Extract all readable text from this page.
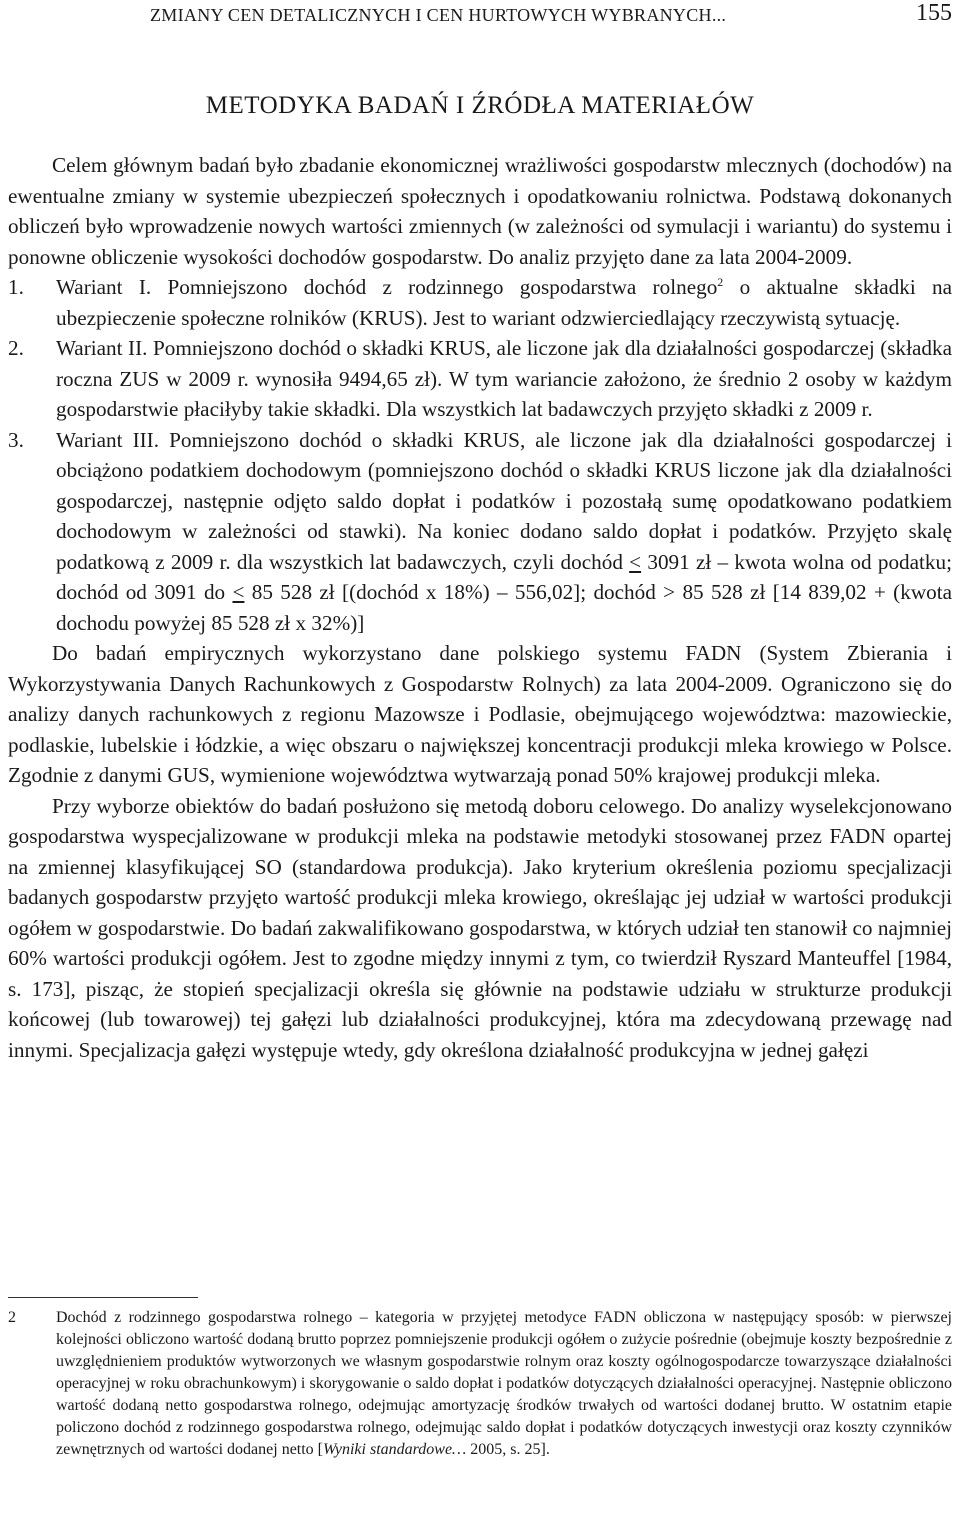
ZMIANY CEN DETALICZNYCH I CEN HURTOWYCH WYBRANYCH...	155
METODYKA BADAŃ I ŹRÓDŁA MATERIAŁÓW

Celem głównym badań było zbadanie ekonomicznej wrażliwości gospodarstw mlecznych (dochodów) na ewentualne zmiany w systemie ubezpieczeń społecznych i opodatkowaniu rolnictwa. Podstawą dokonanych obliczeń było wprowadzenie nowych wartości zmiennych (w zależności od symulacji i wariantu) do systemu i ponowne obliczenie wysokości dochodów gospodarstw. Do analiz przyjęto dane za lata 2004-2009.

1. Wariant I. Pomniejszono dochód z rodzinnego gospodarstwa rolnego$^2$ o aktualne składki na ubezpieczenie społeczne rolników (KRUS). Jest to wariant odzwierciedlający rzeczywistą sytuację.
2. Wariant II. Pomniejszono dochód o składki KRUS, ale liczone jak dla działalności gospodarczej (składka roczna ZUS w 2009 r. wynosiła 9494,65 zł). W tym wariancie założono, że średnio 2 osoby w każdym gospodarstwie płaciłyby takie składki. Dla wszystkich lat badawczych przyjęto składki z 2009 r.
3. Wariant III. Pomniejszono dochód o składki KRUS, ale liczone jak dla działalności gospodarczej i obciążono podatkiem dochodowym (pomniejszono dochód o składki KRUS liczone jak dla działalności gospodarczej, następnie odjęto saldo dopłat i podatków i pozostałą sumę opodatkowano podatkiem dochodowym w zależności od stawki). Na koniec dodano saldo dopłat i podatków. Przyjęto skalę podatkową z 2009 r. dla wszystkich lat badawczych, czyli dochód < 3091 zł – kwota wolna od podatku; dochód od 3091 do < 85 528 zł [(dochód x 18%) – 556,02]; dochód > 85 528 zł [14 839,02 + (kwota dochodu powyżej 85 528 zł x 32%)]

Do badań empirycznych wykorzystano dane polskiego systemu FADN (System Zbierania i Wykorzystywania Danych Rachunkowych z Gospodarstw Rolnych) za lata 2004-2009. Ograniczono się do analizy danych rachunkowych z regionu Mazowsze i Podlasie, obejmującego województwa: mazowieckie, podlaskie, lubelskie i łódzkie, a więc obszaru o największej koncentracji produkcji mleka krowiego w Polsce. Zgodnie z danymi GUS, wymienione województwa wytwarzają ponad 50% krajowej produkcji mleka.

Przy wyborze obiektów do badań posłużono się metodą doboru celowego. Do analizy wyselekcjonowano gospodarstwa wyspecjalizowane w produkcji mleka na podstawie metodyki stosowanej przez FADN opartej na zmiennej klasyfikującej SO (standardowa produkcja). Jako kryterium określenia poziomu specjalizacji badanych gospodarstw przyjęto wartość produkcji mleka krowiego, określając jej udział w wartości produkcji ogółem w gospodarstwie. Do badań zakwalifikowano gospodarstwa, w których udział ten stanowił co najmniej 60% wartości produkcji ogółem. Jest to zgodne między innymi z tym, co twierdził Ryszard Manteuffel [1984, s. 173], pisząc, że stopień specjalizacji określa się głównie na podstawie udziału w strukturze produkcji końcowej (lub towarowej) tej gałęzi lub działalności produkcyjnej, która ma zdecydowaną przewagę nad innymi. Specjalizacja gałęzi występuje wtedy, gdy określona działalność produkcyjna w jednej gałęzi

2	Dochód z rodzinnego gospodarstwa rolnego – kategoria w przyjętej metodyce FADN obliczona w następujący sposób: w pierwszej kolejności obliczono wartość dodaną brutto poprzez pomniejszenie produkcji ogółem o zużycie pośrednie (obejmuje koszty bezpośrednie z uwzględnieniem produktów wytworzonych we własnym gospodarstwie rolnym oraz koszty ogólnogospodarcze towarzyszące działalności operacyjnej w roku obrachunkowym) i skorygowanie o saldo dopłat i podatków dotyczących działalności operacyjnej. Następnie obliczono wartość dodaną netto gospodarstwa rolnego, odejmując amortyzację środków trwałych od wartości dodanej brutto. W ostatnim etapie policzono dochód z rodzinnego gospodarstwa rolnego, odejmując saldo dopłat i podatków dotyczących inwestycji oraz koszty czynników zewnętrznych od wartości dodanej netto [Wyniki standardowe… 2005, s. 25].
